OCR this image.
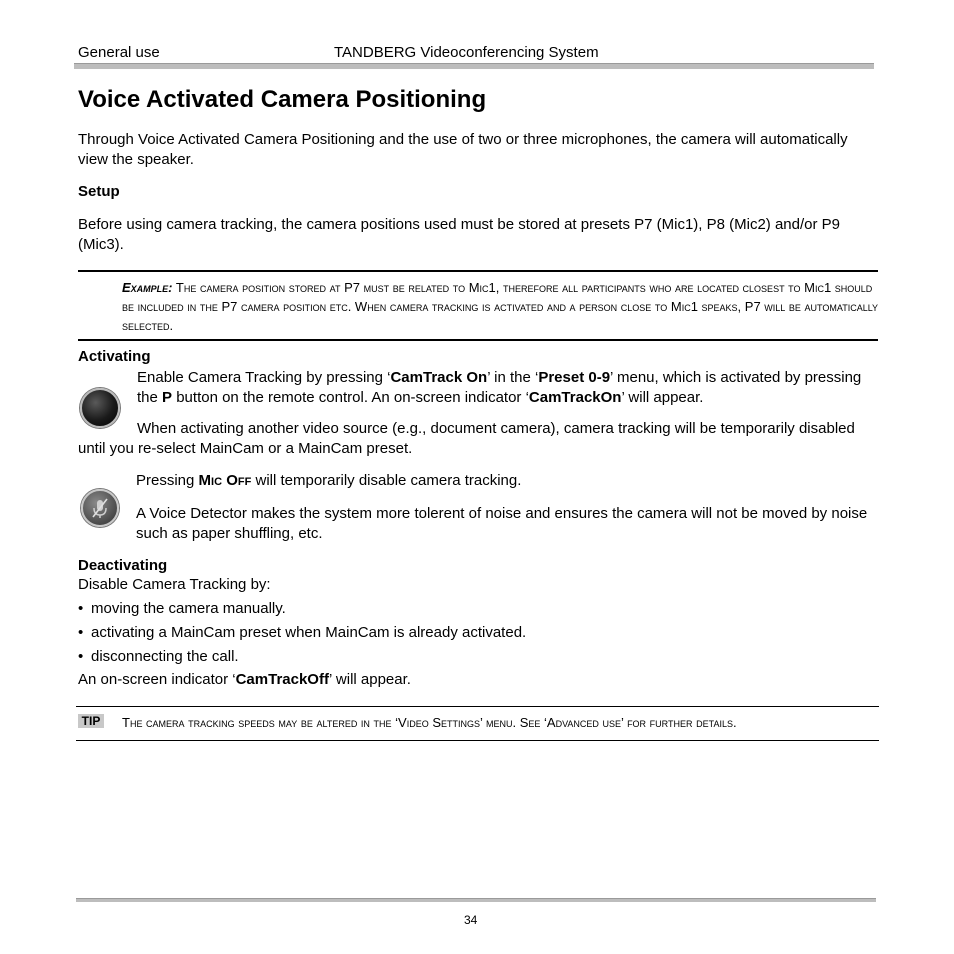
General use	TANDBERG Videoconferencing System
Voice Activated Camera Positioning
Through Voice Activated Camera Positioning and the use of two or three microphones, the camera will automatically view the speaker.
Setup
Before using camera tracking, the camera positions used must be stored at presets P7 (Mic1), P8 (Mic2) and/or P9 (Mic3).
Example: The camera position stored at P7 must be related to Mic1, therefore all participants who are located closest to Mic1 should be included in the P7 camera position etc. When camera tracking is activated and a person close to Mic1 speaks, P7 will be automatically selected.
Activating
Enable Camera Tracking by pressing ‘CamTrack On’ in the ‘Preset 0-9’ menu, which is activated by pressing the P button on the remote control. An on-screen indicator ‘CamTrackOn’ will appear.
When activating another video source (e.g., document camera), camera tracking will be temporarily disabled until you re-select MainCam or a MainCam preset.
Pressing Mic Off will temporarily disable camera tracking.
A Voice Detector makes the system more tolerent of noise and ensures the camera will not be moved by noise such as paper shuffling, etc.
Deactivating
Disable Camera Tracking by:
• moving the camera manually.
• activating a MainCam preset when MainCam is already activated.
• disconnecting the call.
An on-screen indicator ‘CamTrackOff’ will appear.
TIP The camera tracking speeds may be altered in the ‘Video Settings’ menu. See ‘Advanced use’ for further details.
34
